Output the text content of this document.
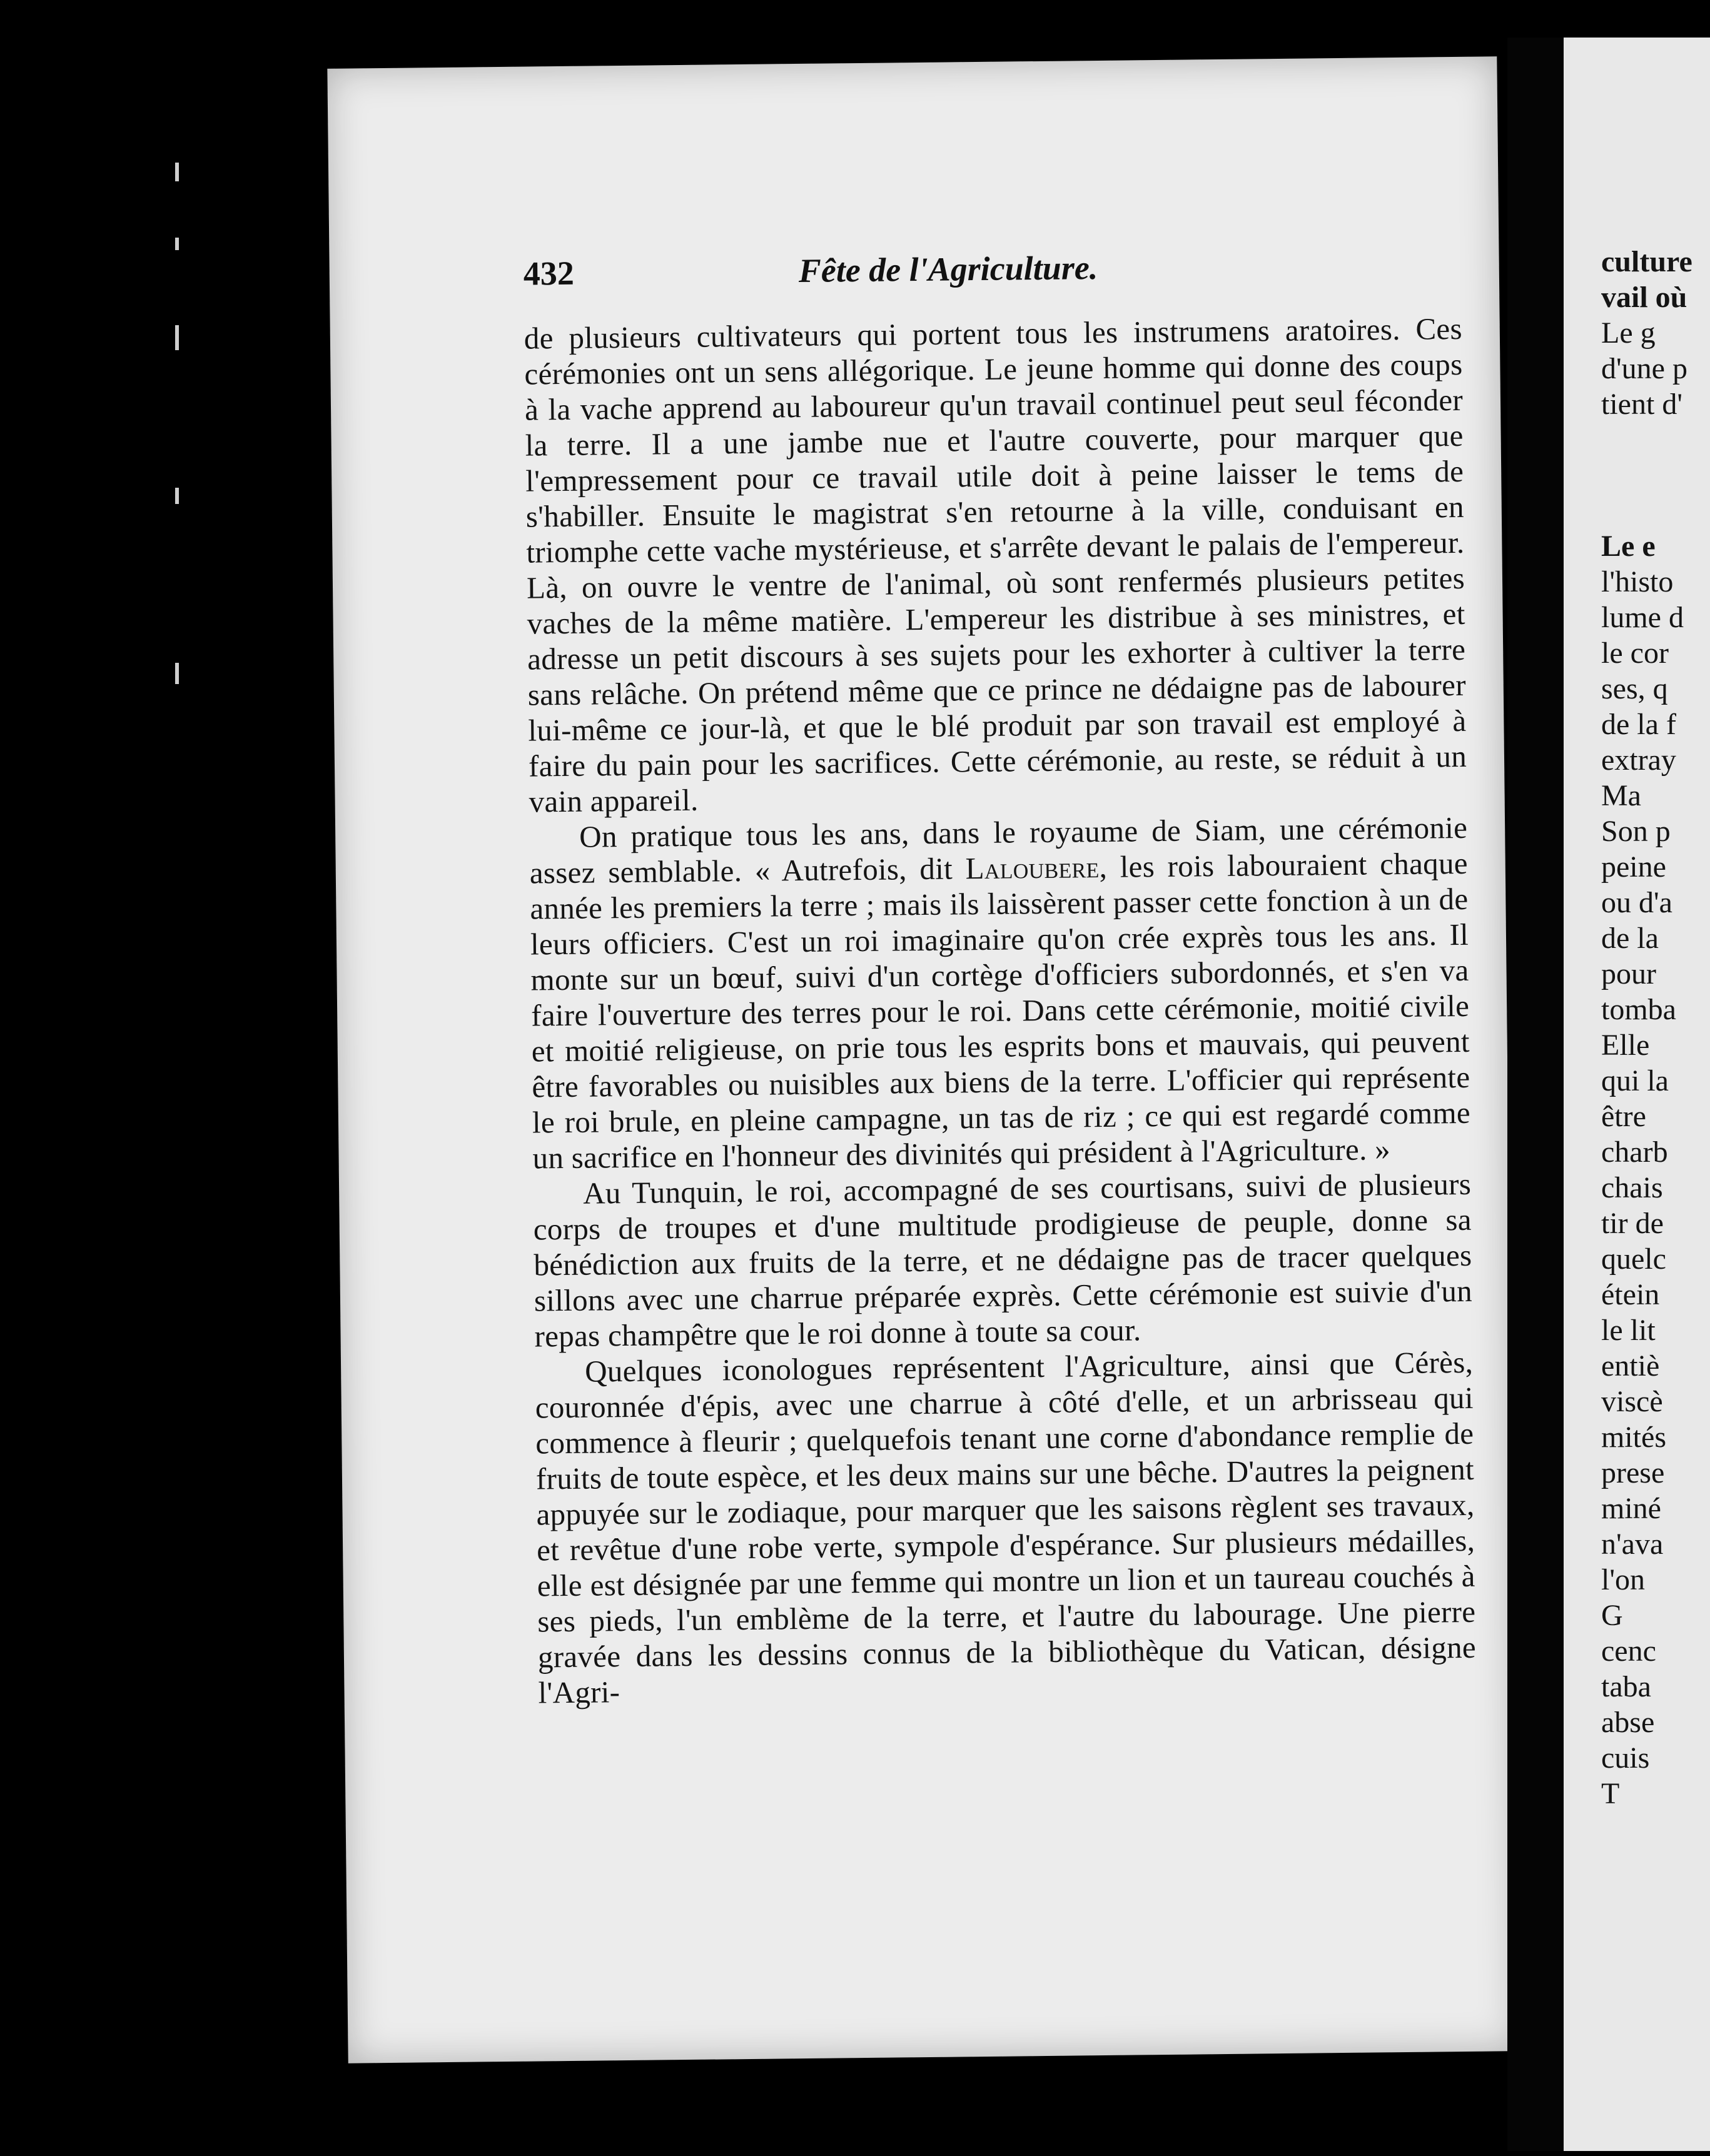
432	Fête de l'Agriculture.

de plusieurs cultivateurs qui portent tous les instrumens aratoires. Ces cérémonies ont un sens allégorique. Le jeune homme qui donne des coups à la vache apprend au laboureur qu'un travail continuel peut seul féconder la terre. Il a une jambe nue et l'autre couverte, pour marquer que l'empressement pour ce travail utile doit à peine laisser le tems de s'habiller. Ensuite le magistrat s'en retourne à la ville, conduisant en triomphe cette vache mystérieuse, et s'arrête devant le palais de l'empereur. Là, on ouvre le ventre de l'animal, où sont renfermés plusieurs petites vaches de la même matière. L'empereur les distribue à ses ministres, et adresse un petit discours à ses sujets pour les exhorter à cultiver la terre sans relâche. On prétend même que ce prince ne dédaigne pas de labourer lui-même ce jour-là, et que le blé produit par son travail est employé à faire du pain pour les sacrifices. Cette cérémonie, au reste, se réduit à un vain appareil.

On pratique tous les ans, dans le royaume de Siam, une cérémonie assez semblable. « Autrefois, dit Laloubere, les rois labouraient chaque année les premiers la terre ; mais ils laissèrent passer cette fonction à un de leurs officiers. C'est un roi imaginaire qu'on crée exprès tous les ans. Il monte sur un bœuf, suivi d'un cortège d'officiers subordonnés, et s'en va faire l'ouverture des terres pour le roi. Dans cette cérémonie, moitié civile et moitié religieuse, on prie tous les esprits bons et mauvais, qui peuvent être favorables ou nuisibles aux biens de la terre. L'officier qui représente le roi brule, en pleine campagne, un tas de riz ; ce qui est regardé comme un sacrifice en l'honneur des divinités qui président à l'Agriculture. »

Au Tunquin, le roi, accompagné de ses courtisans, suivi de plusieurs corps de troupes et d'une multitude prodigieuse de peuple, donne sa bénédiction aux fruits de la terre, et ne dédaigne pas de tracer quelques sillons avec une charrue préparée exprès. Cette cérémonie est suivie d'un repas champêtre que le roi donne à toute sa cour.

Quelques iconologues représentent l'Agriculture, ainsi que Cérès, couronnée d'épis, avec une charrue à côté d'elle, et un arbrisseau qui commence à fleurir ; quelquefois tenant une corne d'abondance remplie de fruits de toute espèce, et les deux mains sur une bêche. D'autres la peignent appuyée sur le zodiaque, pour marquer que les saisons règlent ses travaux, et revêtue d'une robe verte, sympole d'espérance. Sur plusieurs médailles, elle est désignée par une femme qui montre un lion et un taureau couchés à ses pieds, l'un emblème de la terre, et l'autre du labourage. Une pierre gravée dans les dessins connus de la bibliothèque du Vatican, désigne l'Agri-

culture
vail où
Le g
d'une p
tient d'
Le e
l'histo
lume d
le cor
ses, q
de la f
extray
Ma
Son p
peine
ou d'a
de la
pour
tomba
Elle
qui la
être
charb
chais
tir de
quelc
étein
le lit
entiè
viscè
mités
prese
miné
n'ava
l'on
G
cenc
taba
abse
cuis
T
